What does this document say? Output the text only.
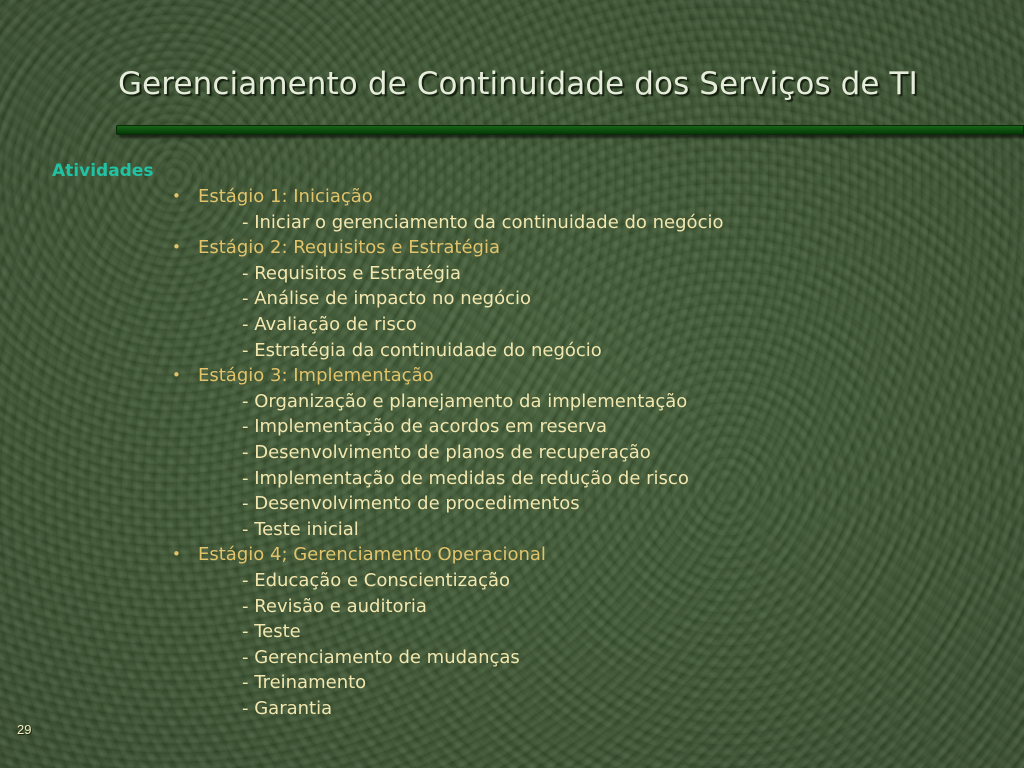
Gerenciamento de Continuidade dos Serviços de TI

Atividades

• Estágio 1: Iniciação
- Iniciar o gerenciamento da continuidade do negócio
• Estágio 2: Requisitos e Estratégia
- Requisitos e Estratégia
- Análise de impacto no negócio
- Avaliação de risco
- Estratégia da continuidade do negócio
• Estágio 3: Implementação
- Organização e planejamento da implementação
- Implementação de acordos em reserva
- Desenvolvimento de planos de recuperação
- Implementação de medidas de redução de risco
- Desenvolvimento de procedimentos
- Teste inicial
• Estágio 4; Gerenciamento Operacional
- Educação e Conscientização
- Revisão e auditoria
- Teste
- Gerenciamento de mudanças
- Treinamento
- Garantia
29
